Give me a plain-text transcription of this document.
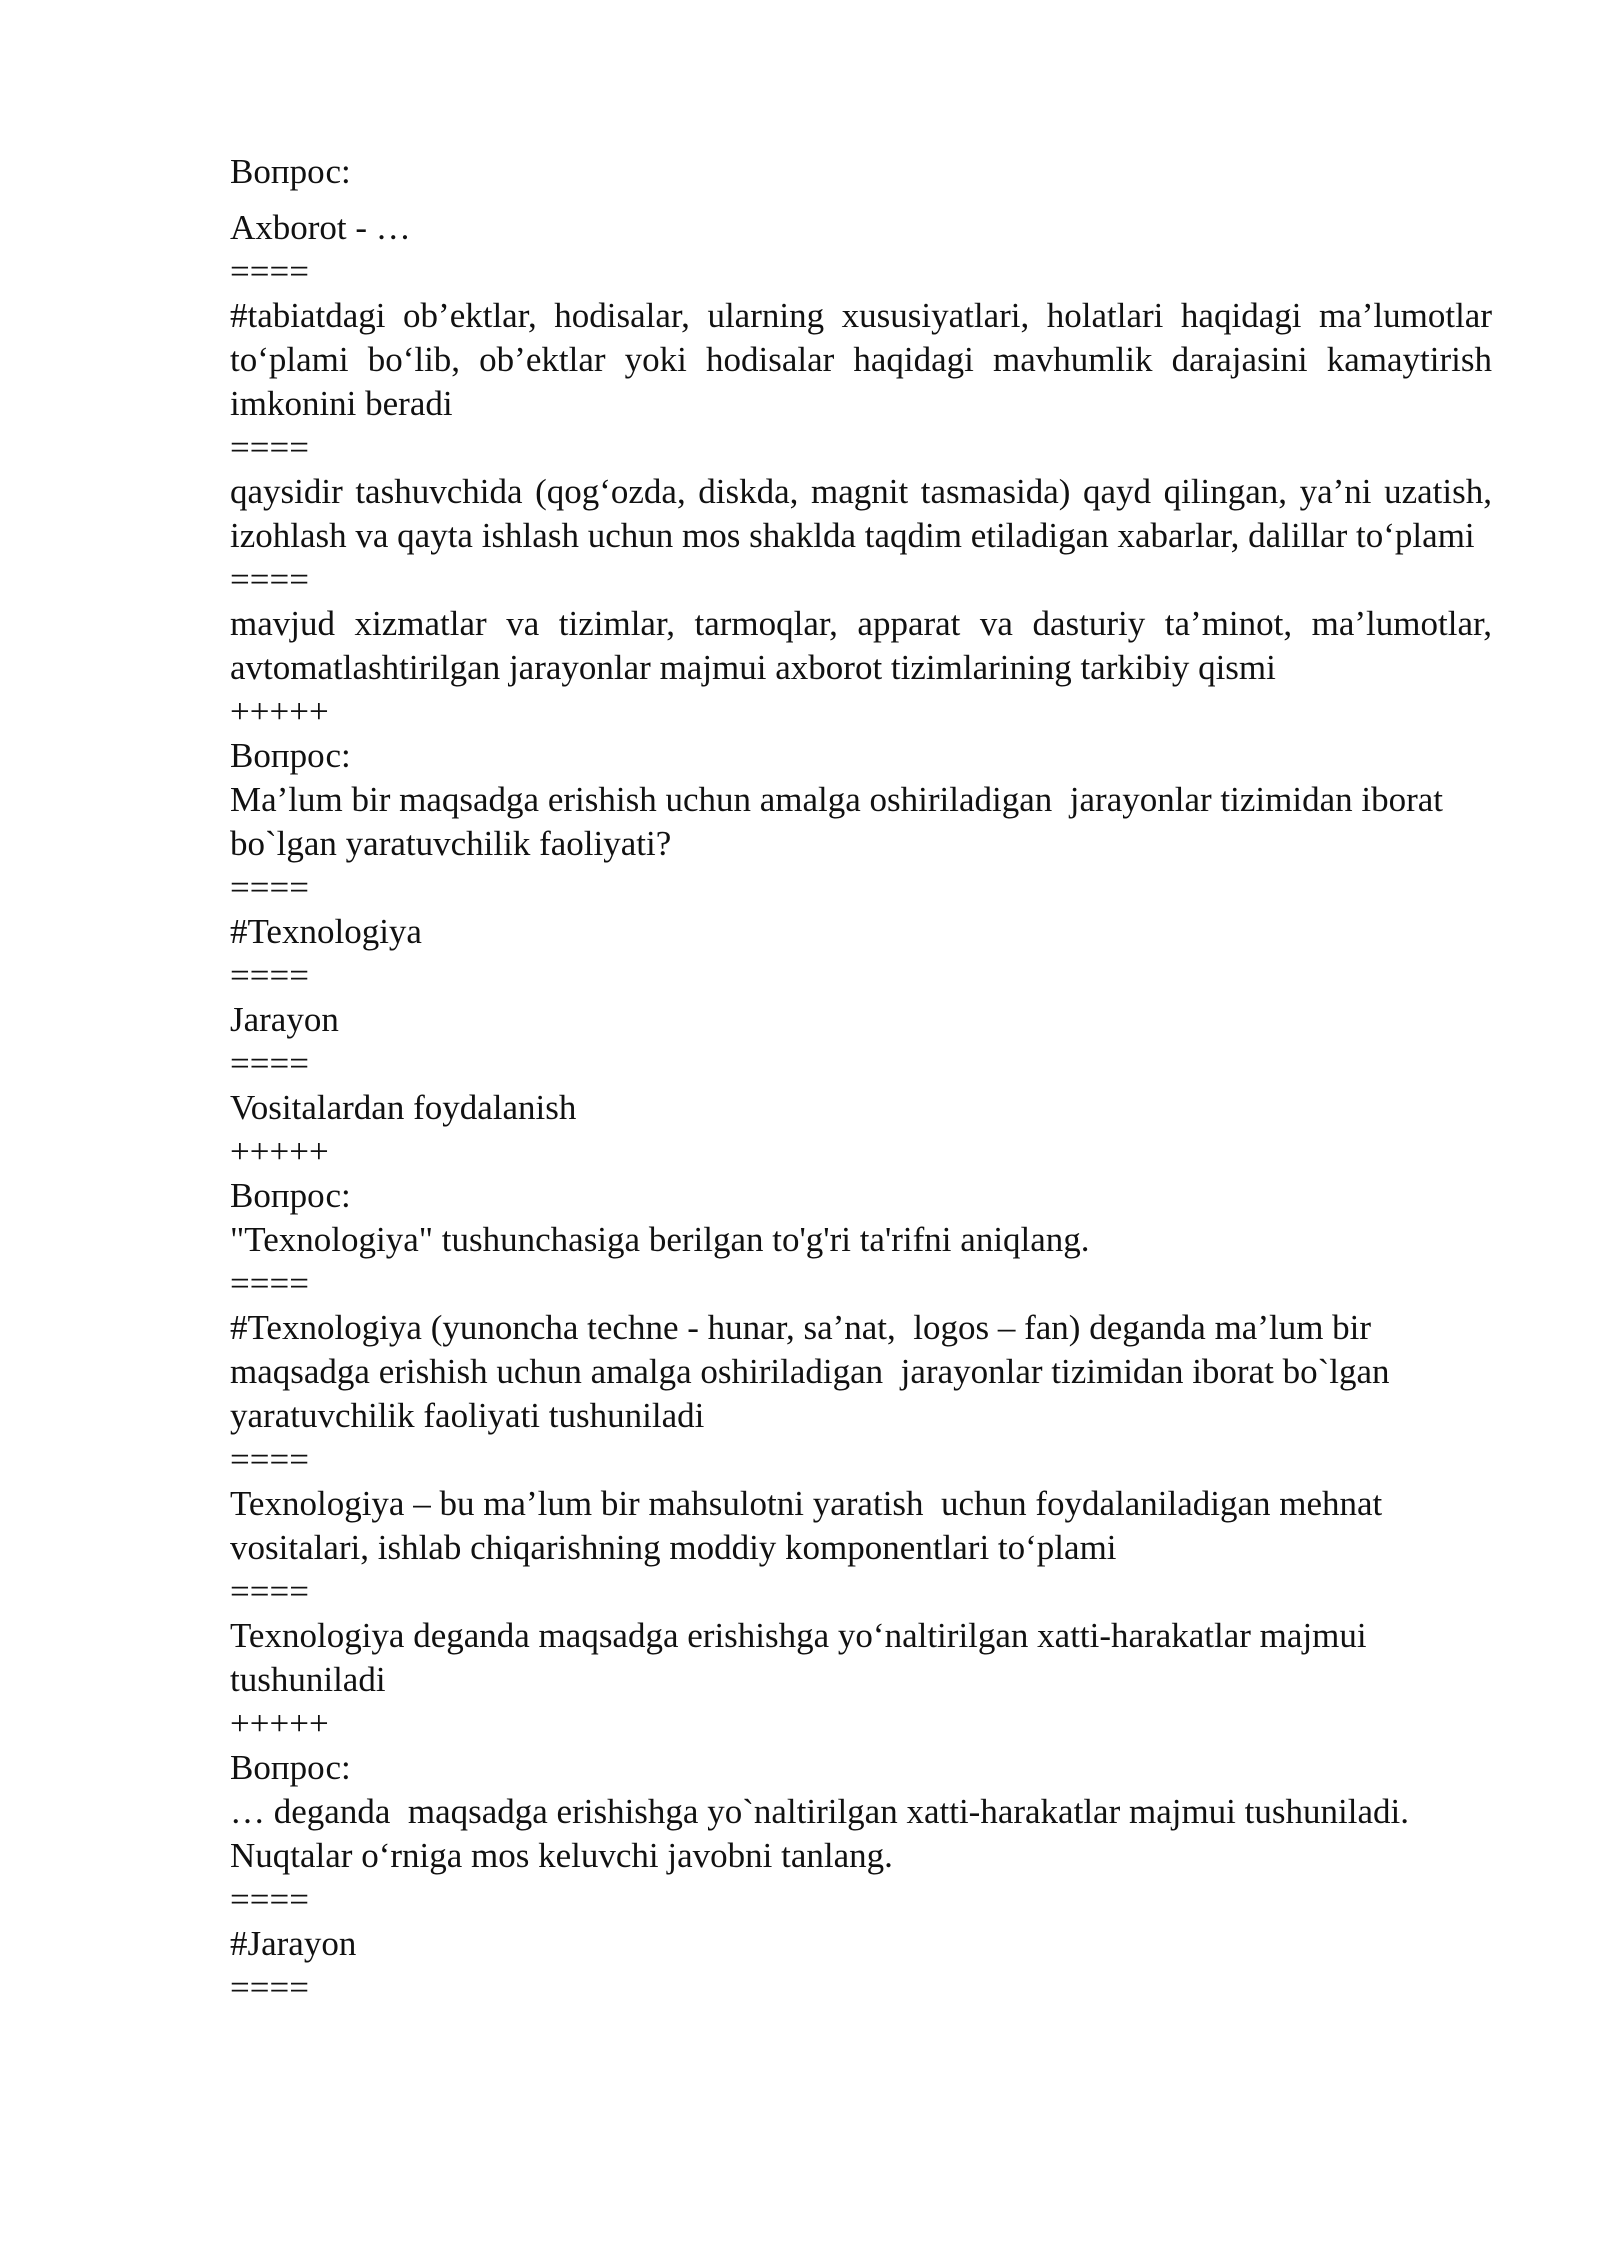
Вопрос:
Axborot - …
====
#tabiatdagi ob’ektlar, hodisalar, ularning xususiyatlari, holatlari haqidagi ma’lumotlar to‘plami bo‘lib, ob’ektlar yoki hodisalar haqidagi mavhumlik darajasini kamaytirish imkonini beradi
====
qaysidir tashuvchida (qog‘ozda, diskda, magnit tasmasida) qayd qilingan, ya’ni uzatish, izohlash va qayta ishlash uchun mos shaklda taqdim etiladigan xabarlar, dalillar to‘plami
====
mavjud xizmatlar va tizimlar, tarmoqlar, apparat va dasturiy ta’minot, ma’lumotlar, avtomatlashtirilgan jarayonlar majmui axborot tizimlarining tarkibiy qismi
+++++
Вопрос:
Ma’lum bir maqsadga erishish uchun amalga oshiriladigan  jarayonlar tizimidan iborat bo`lgan yaratuvchilik faoliyati?
====
#Texnologiya
====
Jarayon
====
Vositalardan foydalanish
+++++
Вопрос:
"Texnologiya" tushunchasiga berilgan to'g'ri ta'rifni aniqlang.
====
#Texnologiya (yunoncha techne - hunar, sa’nat,  logos – fan) deganda ma’lum bir maqsadga erishish uchun amalga oshiriladigan  jarayonlar tizimidan iborat bo`lgan yaratuvchilik faoliyati tushuniladi
====
Texnologiya – bu ma’lum bir mahsulotni yaratish  uchun foydalaniladigan mehnat vositalari, ishlab chiqarishning moddiy komponentlari to‘plami
====
Texnologiya deganda maqsadga erishishga yo‘naltirilgan xatti-harakatlar majmui tushuniladi
+++++
Вопрос:
… deganda  maqsadga erishishga yo`naltirilgan xatti-harakatlar majmui tushuniladi. Nuqtalar o‘rniga mos keluvchi javobni tanlang.
====
#Jarayon
====
